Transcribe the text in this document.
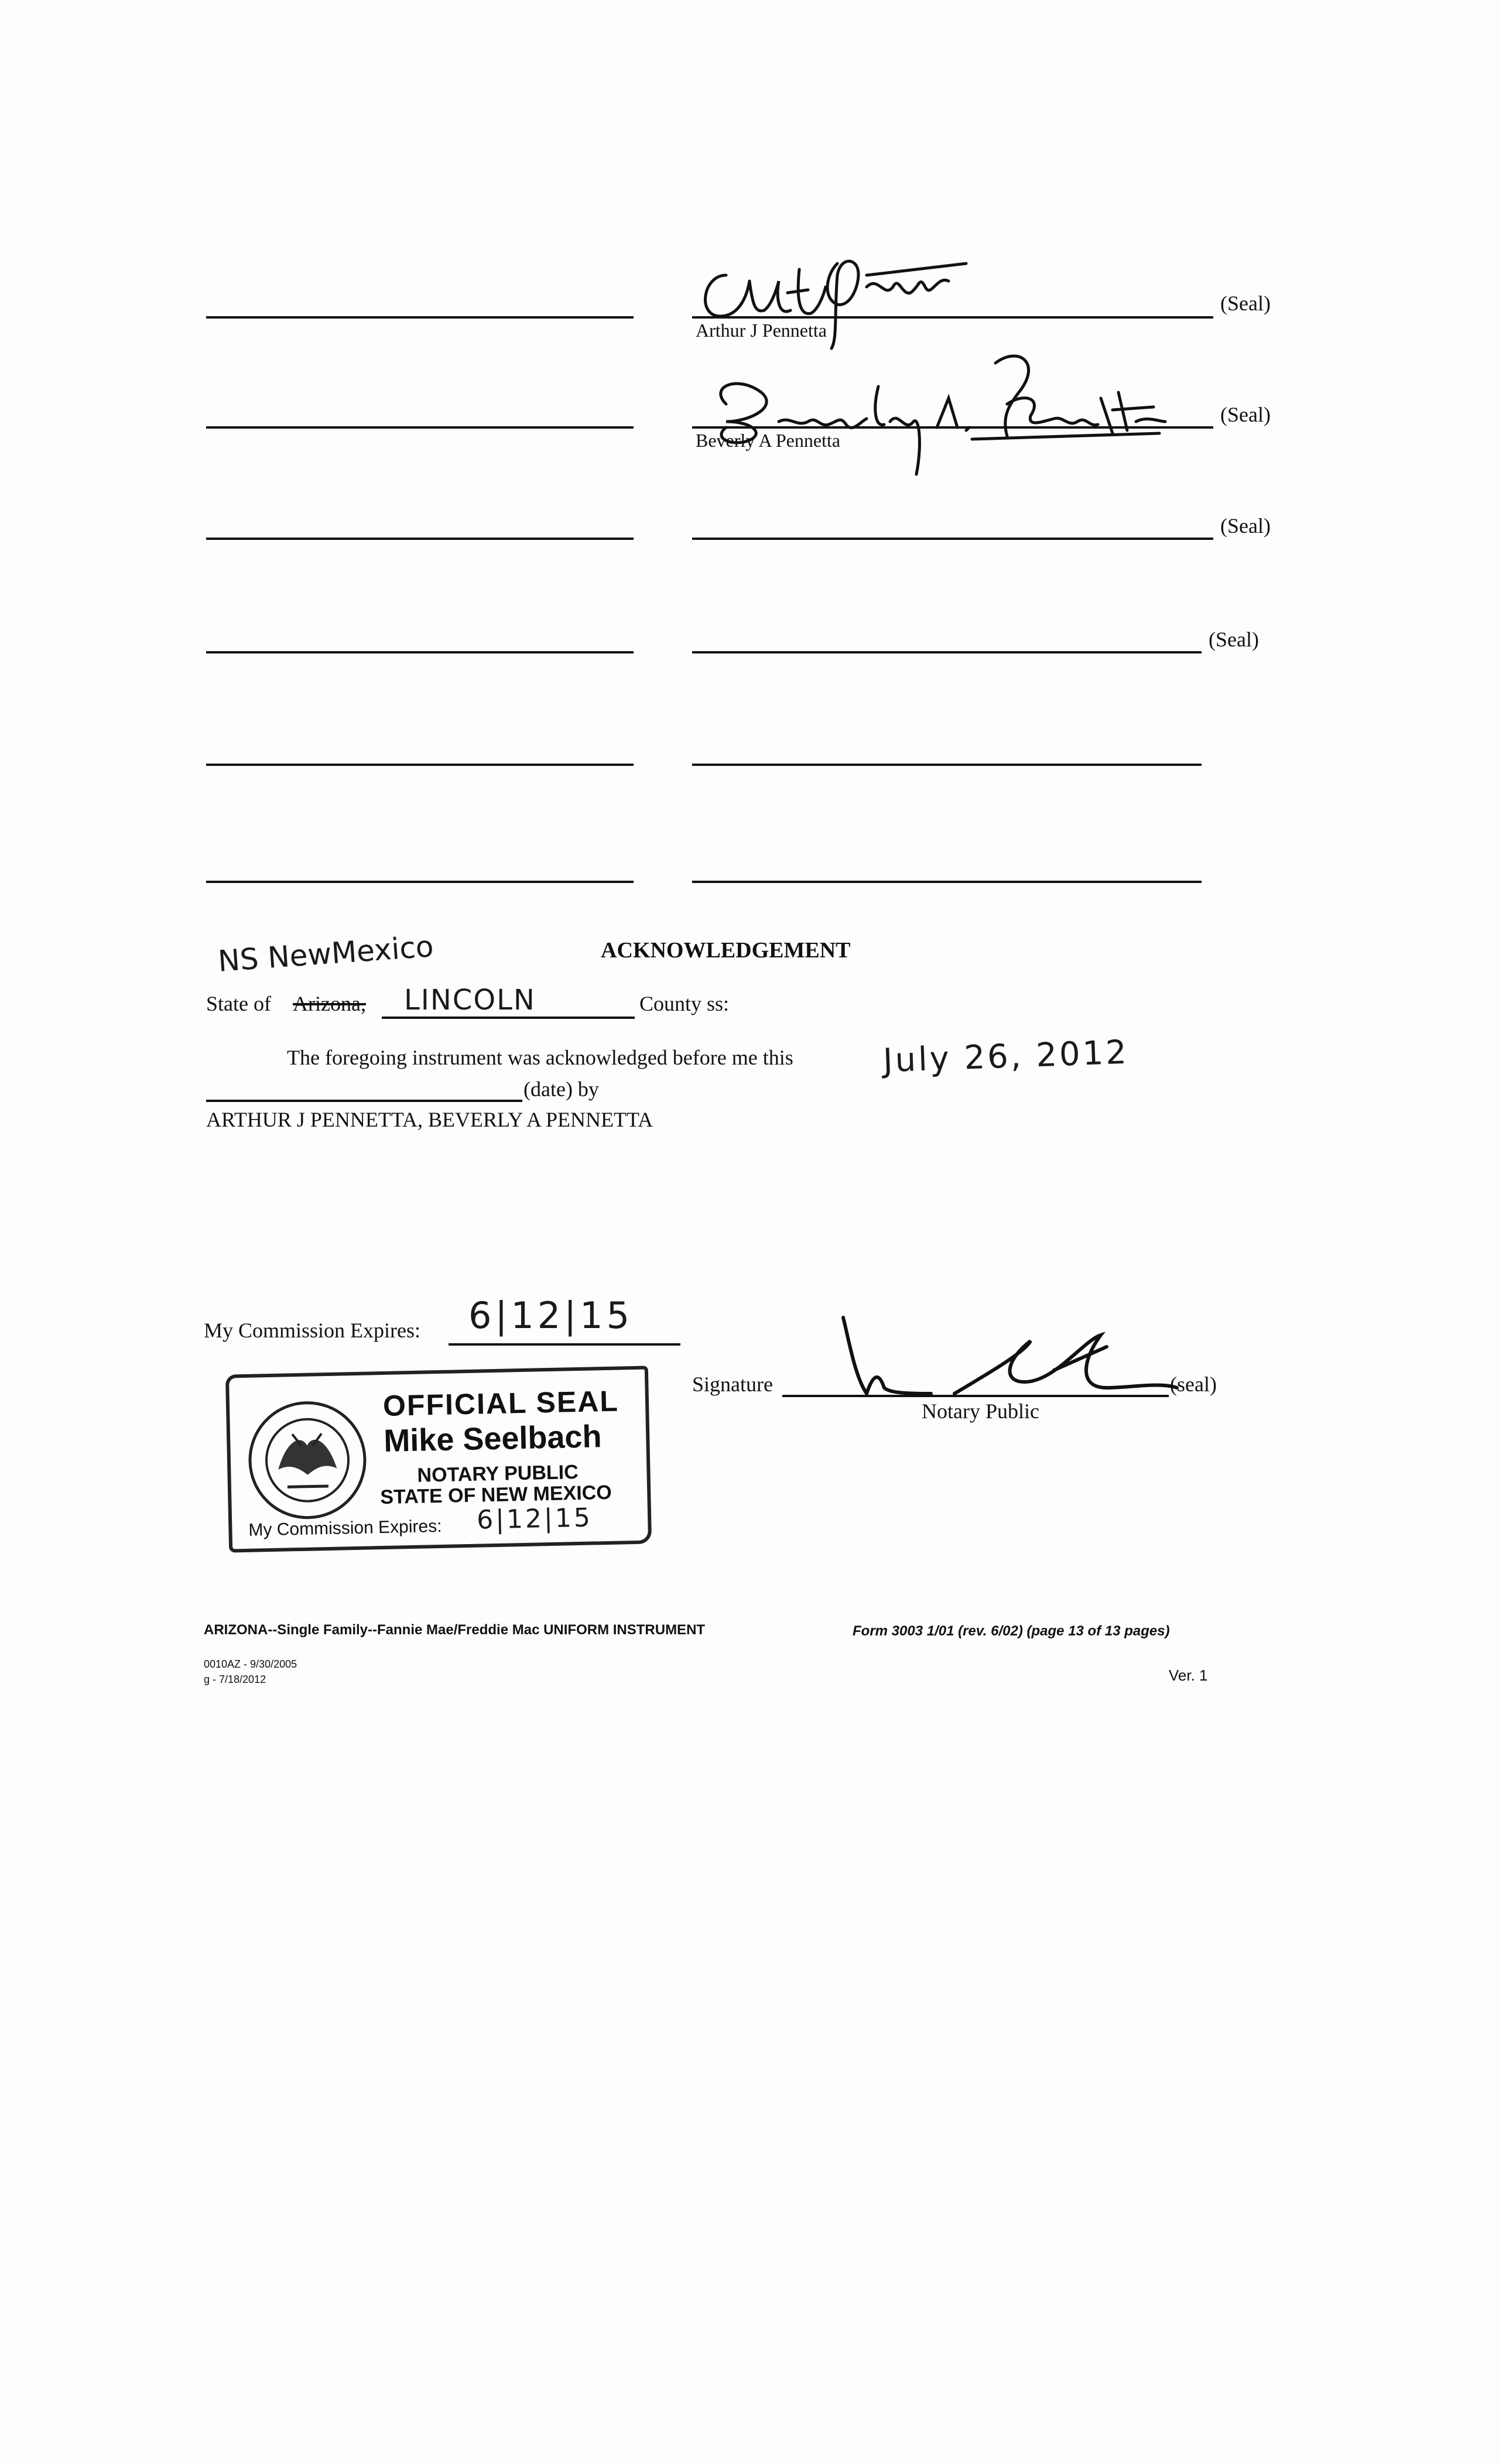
(Seal)
Arthur J Pennetta
(Seal)
Beverly A Pennetta
(Seal)
(Seal)
NS NewMexico	ACKNOWLEDGEMENT
State of Arizona, LINCOLN	County ss:
The foregoing instrument was acknowledged before me this	July 26, 2012
(date) by
ARTHUR J PENNETTA, BEVERLY A PENNETTA
My Commission Expires: 6|12|15
Signature	(seal)
Notary Public
OFFICIAL SEAL
Mike Seelbach
NOTARY PUBLIC
STATE OF NEW MEXICO
My Commission Expires: 6|12|15
ARIZONA--Single Family--Fannie Mae/Freddie Mac UNIFORM INSTRUMENT	Form 3003 1/01 (rev. 6/02) (page 13 of 13 pages)
0010AZ - 9/30/2005
g - 7/18/2012	Ver. 1
